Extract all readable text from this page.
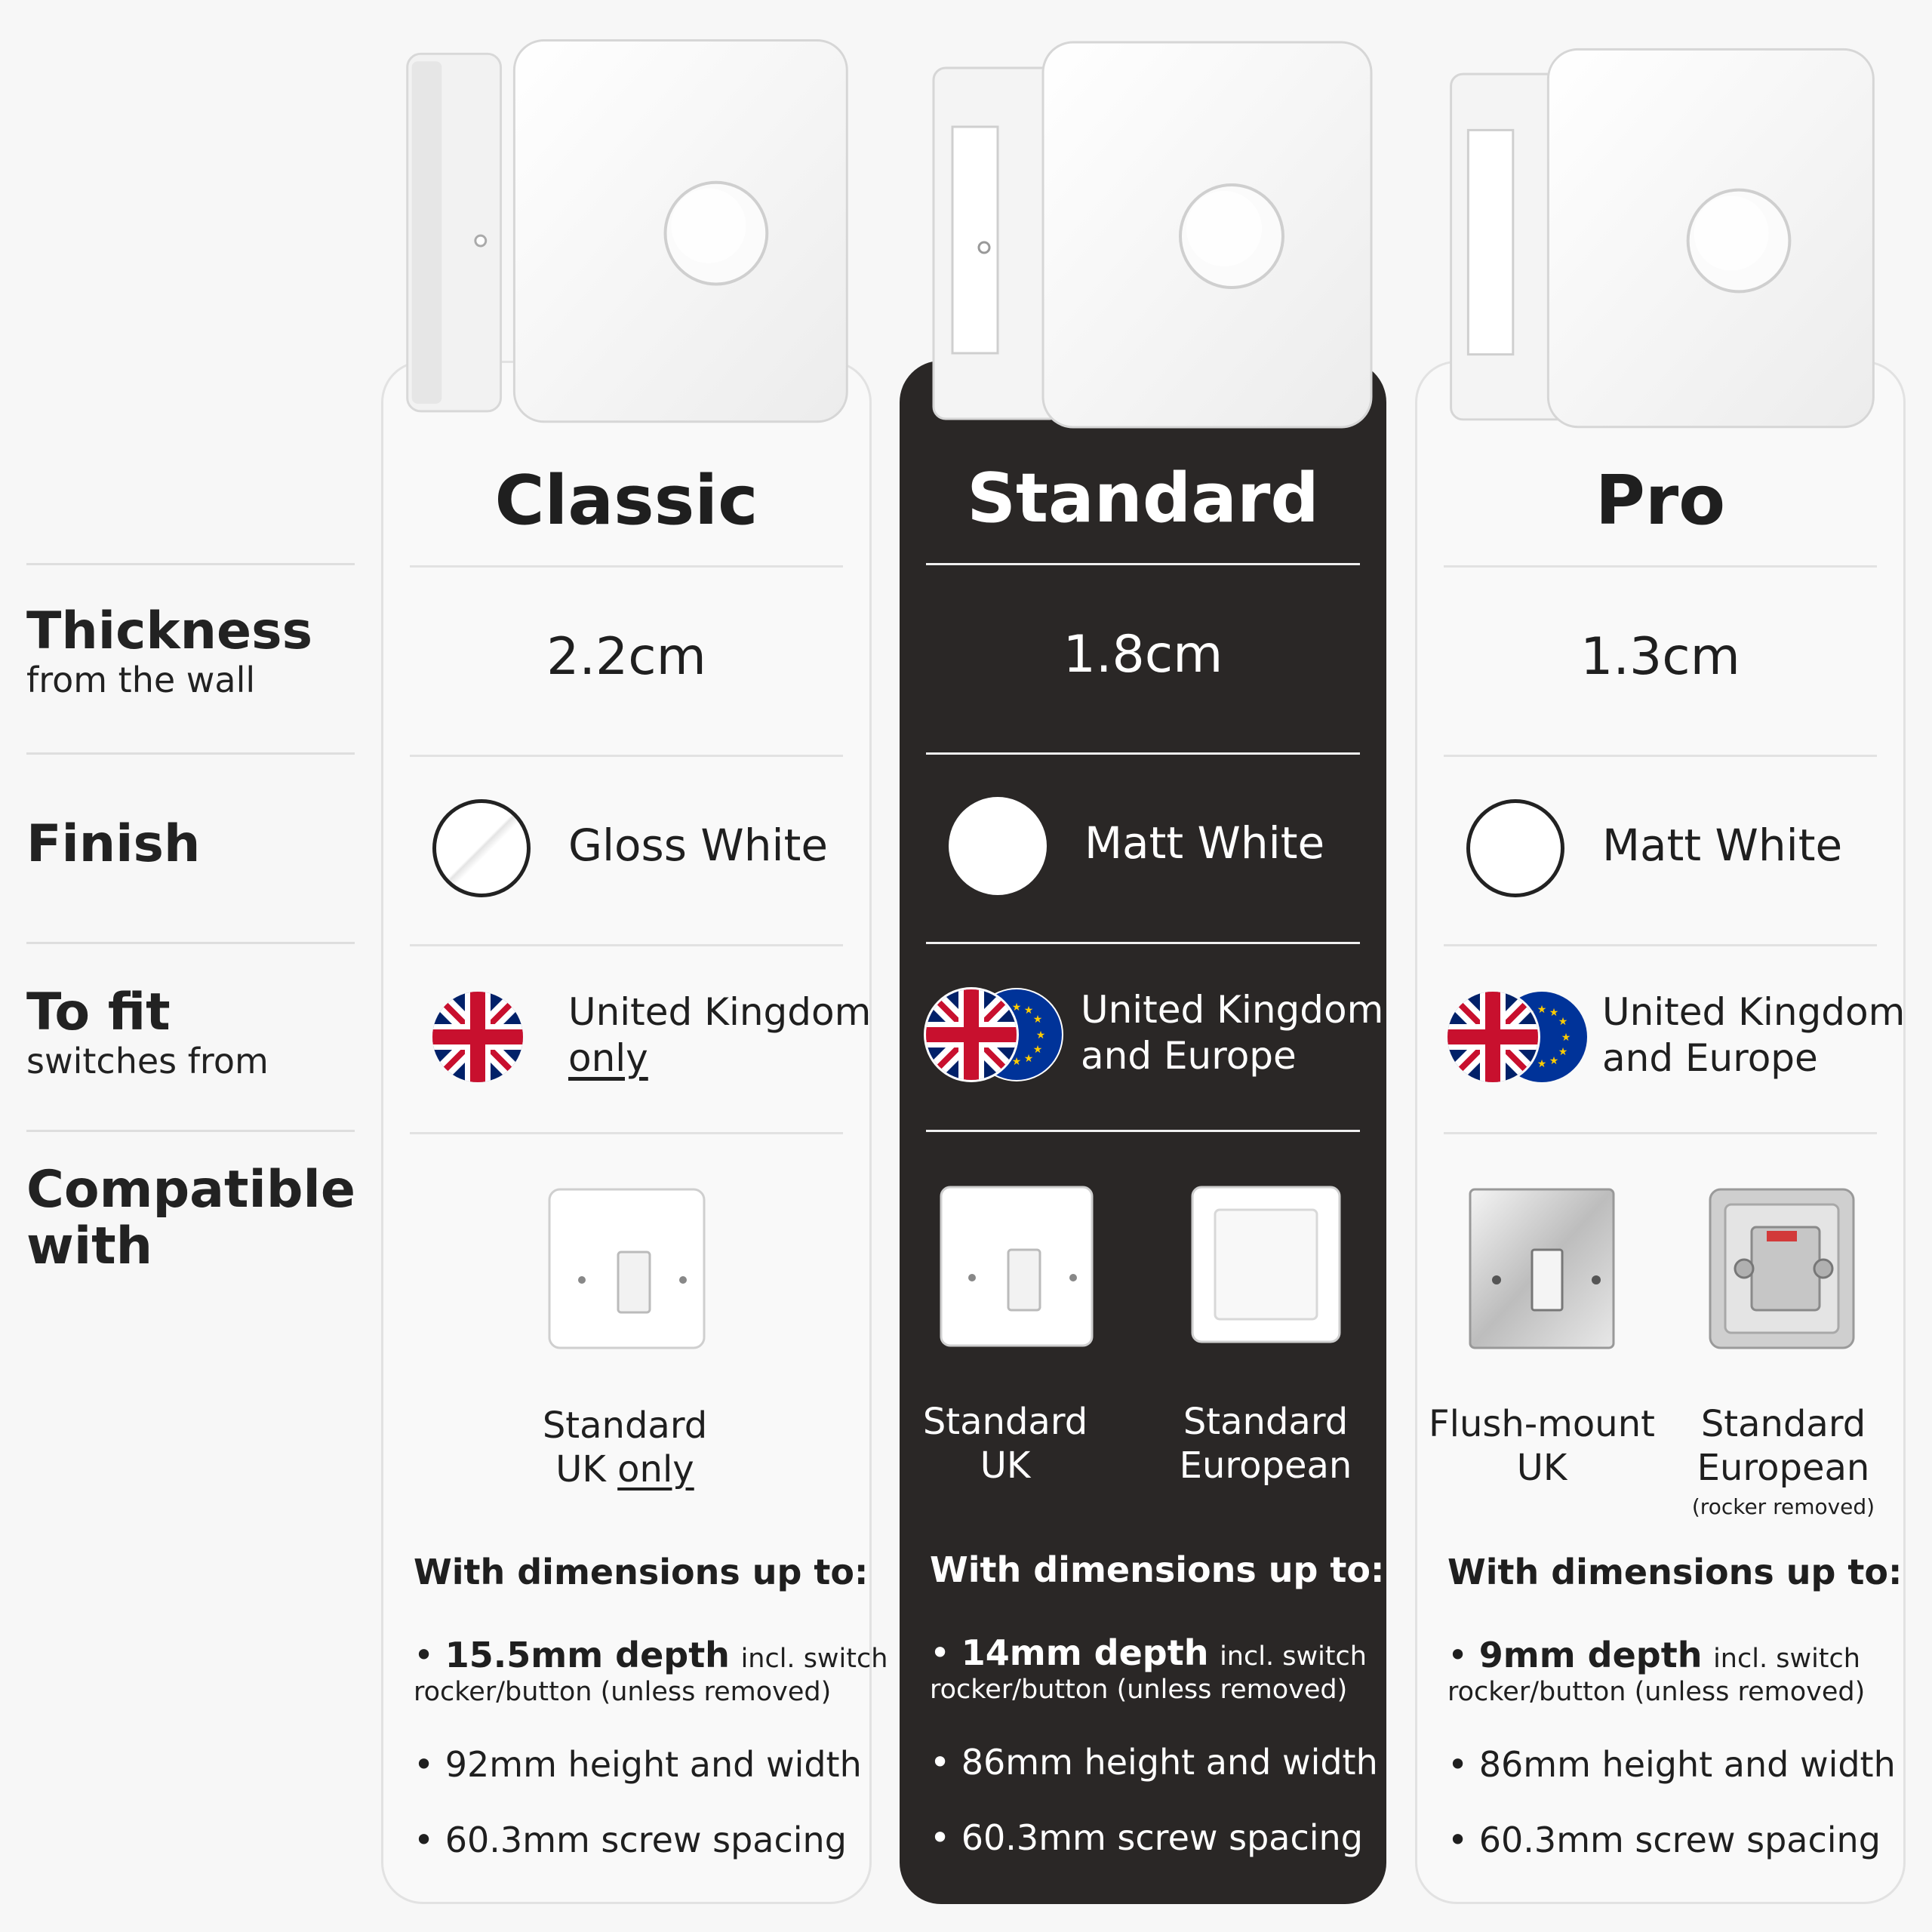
Thickness
from the wall
Finish
To fit
switches from
Compatible
with
Classic
2.2cm
Gloss White
United Kingdom
only
Standard
UK only
With dimensions up to:
• 15.5mm depth incl. switch
rocker/button (unless removed)
• 92mm height and width
• 60.3mm screw spacing
Standard
1.8cm
Matt White
United Kingdom
and Europe
Standard
UK
Standard
European
With dimensions up to:
• 14mm depth incl. switch
rocker/button (unless removed)
• 86mm height and width
• 60.3mm screw spacing
Pro
1.3cm
Matt White
United Kingdom
and Europe
Flush-mount
UK
Standard
European
(rocker removed)
With dimensions up to:
• 9mm depth incl. switch
rocker/button (unless removed)
• 86mm height and width
• 60.3mm screw spacing
